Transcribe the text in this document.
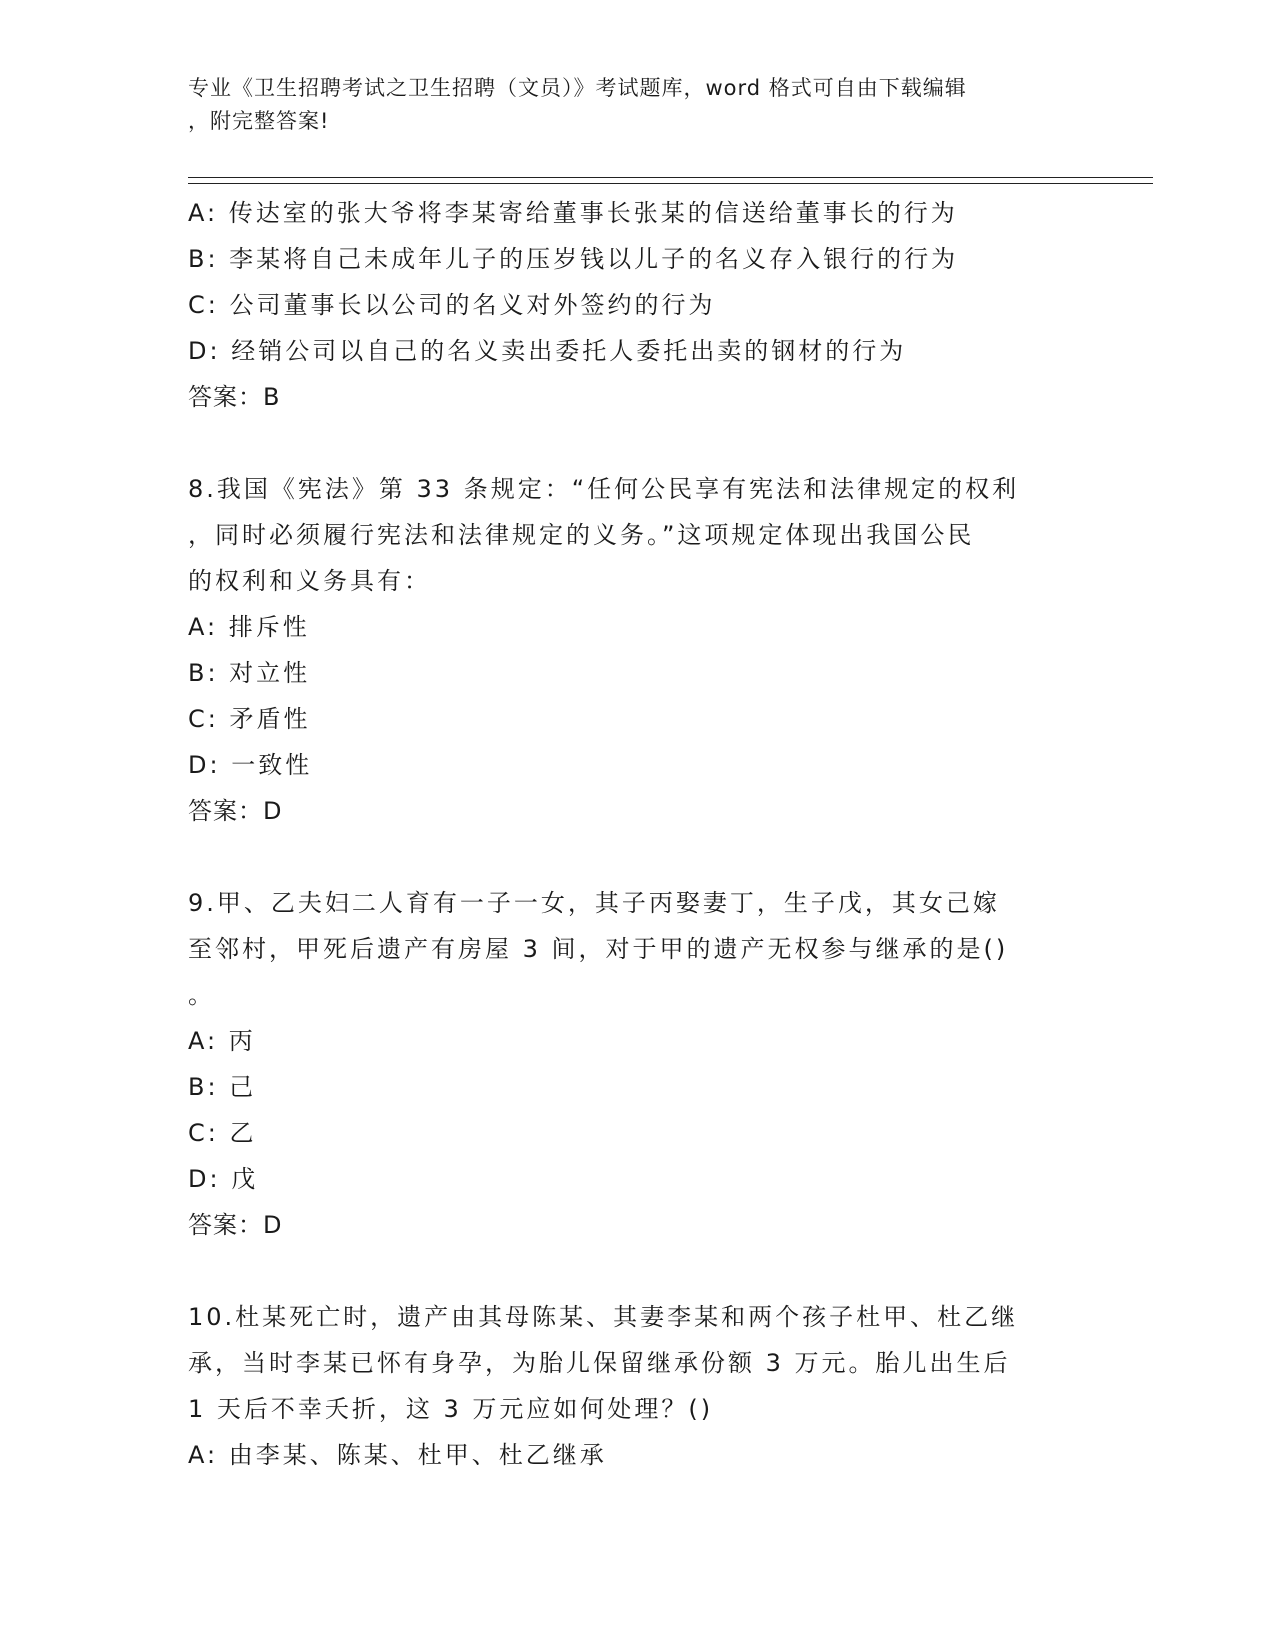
专业《卫生招聘考试之卫生招聘（文员）》考试题库，word 格式可自由下载编辑
，附完整答案!
A: 传达室的张大爷将李某寄给董事长张某的信送给董事长的行为
B: 李某将自己未成年儿子的压岁钱以儿子的名义存入银行的行为
C: 公司董事长以公司的名义对外签约的行为
D: 经销公司以自己的名义卖出委托人委托出卖的钢材的行为
答案：B
8.我国《宪法》第 33 条规定：“任何公民享有宪法和法律规定的权利
，同时必须履行宪法和法律规定的义务。”这项规定体现出我国公民
的权利和义务具有：
A: 排斥性
B: 对立性
C: 矛盾性
D: 一致性
答案：D
9.甲、乙夫妇二人育有一子一女，其子丙娶妻丁，生子戊，其女己嫁
至邻村，甲死后遗产有房屋 3 间，对于甲的遗产无权参与继承的是()
。
A: 丙
B: 己
C: 乙
D: 戊
答案：D
10.杜某死亡时，遗产由其母陈某、其妻李某和两个孩子杜甲、杜乙继
承，当时李某已怀有身孕，为胎儿保留继承份额 3 万元。胎儿出生后
1 天后不幸夭折，这 3 万元应如何处理？()
A: 由李某、陈某、杜甲、杜乙继承
